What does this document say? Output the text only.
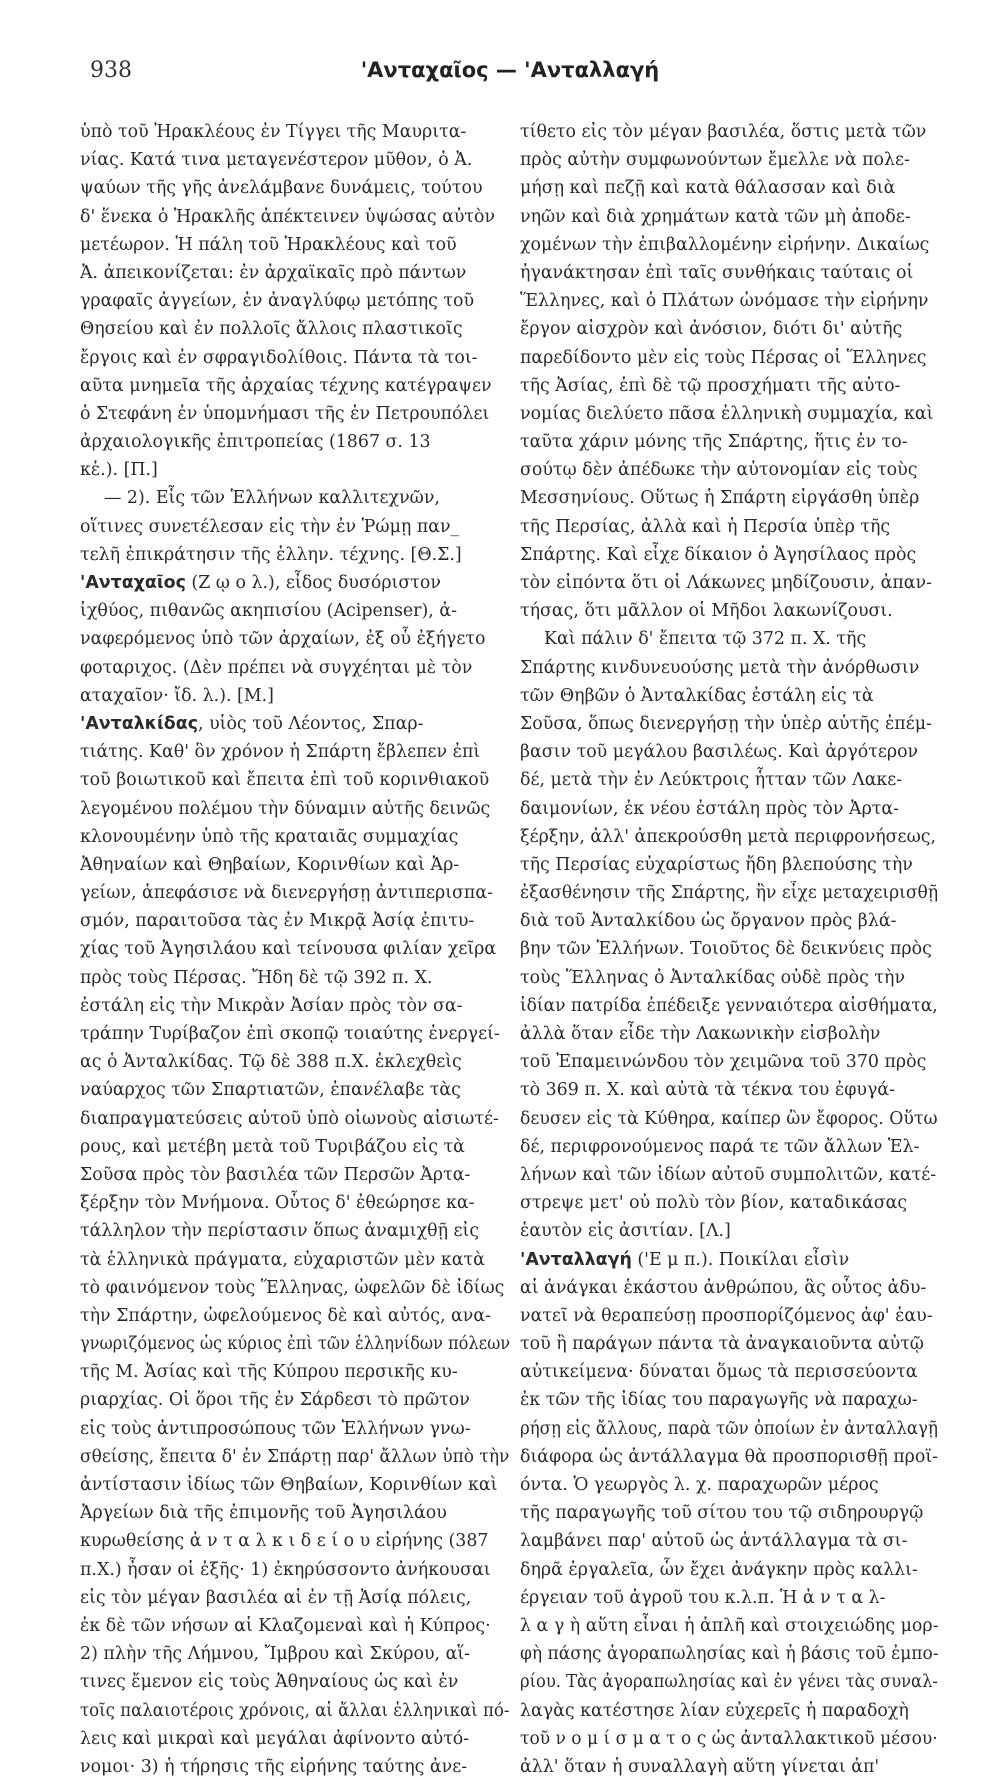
938	'Ανταχαῖος — 'Ανταλλαγή
ὑπὸ τοῦ Ἡρακλέους ἐν Τίγγει τῆς Μαυριτα-
νίας. Κατά τινα μεταγενέστερον μῦθον, ὁ Ἀ.
ψαύων τῆς γῆς ἀνελάμβανε δυνάμεις, τούτου
δ' ἕνεκα ὁ Ἡρακλῆς ἀπέκτεινεν ὑψώσας αὐτὸν
μετέωρον. Ἡ πάλη τοῦ Ἡρακλέους καὶ τοῦ
Ἀ. ἀπεικονίζεται: ἐν ἀρχαϊκαῖς πρὸ πάντων
γραφαῖς ἀγγείων, ἐν ἀναγλύφῳ μετόπης τοῦ
Θησείου καὶ ἐν πολλοῖς ἄλλοις πλαστικοῖς
ἔργοις καὶ ἐν σφραγιδολίθοις. Πάντα τὰ τοι-
αῦτα μνημεῖα τῆς ἀρχαίας τέχνης κατέγραψεν
ὁ Στεφάνη ἐν ὑπομνήμασι τῆς ἐν Πετρουπόλει
ἀρχαιολογικῆς ἐπιτροπείας (1867 σ. 13
κἑ.). [Π.]
— 2). Εἷς τῶν Ἑλλήνων καλλιτεχνῶν,
οἵτινες συνετέλεσαν εἰς τὴν ἐν Ῥώμῃ παν_
τελῆ ἐπικράτησιν τῆς ἑλλην. τέχνης. [Θ.Σ.]
'Ανταχαῖος (Ζ ῳ ο λ.), εἶδος δυσόριστον
ἰχθύος, πιθανῶς ακηπισίου (Acipenser), ἀ-
ναφερόμενος ὑπὸ τῶν ἀρχαίων, ἐξ οὗ ἐξήγετο
φοταριχος. (Δὲν πρέπει νὰ συγχέηται μὲ τὸν
αταχαῖον· ἴδ. λ.). [Μ.]
'Ανταλκίδας, υἱὸς τοῦ Λέοντος, Σπαρ-
τιάτης. Καθ' ὃν χρόνον ἡ Σπάρτη ἔβλεπεν ἐπὶ
τοῦ βοιωτικοῦ καὶ ἔπειτα ἐπὶ τοῦ κορινθιακοῦ
λεγομένου πολέμου τὴν δύναμιν αὐτῆς δεινῶς
κλονουμένην ὑπὸ τῆς κραταιᾶς συμμαχίας
Ἀθηναίων καὶ Θηβαίων, Κορινθίων καὶ Ἀρ-
γείων, ἀπεφάσισε νὰ διενεργήσῃ ἀντιπερισπα-
σμόν, παραιτοῦσα τὰς ἐν Μικρᾷ Ἀσίᾳ ἐπιτυ-
χίας τοῦ Ἀγησιλάου καὶ τείνουσα φιλίαν χεῖρα
πρὸς τοὺς Πέρσας. Ἤδη δὲ τῷ 392 π. Χ.
ἐστάλη εἰς τὴν Μικρὰν Ἀσίαν πρὸς τὸν σα-
τράπην Τυρίβαζον ἐπὶ σκοπῷ τοιαύτης ἐνεργεί-
ας ὁ Ἀνταλκίδας. Τῷ δὲ 388 π.Χ. ἐκλεχθεὶς
ναύαρχος τῶν Σπαρτιατῶν, ἐπανέλαβε τὰς
διαπραγματεύσεις αὐτοῦ ὑπὸ οἰωνοὺς αἰσιωτέ-
ρους, καὶ μετέβη μετὰ τοῦ Τυριβάζου εἰς τὰ
Σοῦσα πρὸς τὸν βασιλέα τῶν Περσῶν Ἀρτα-
ξέρξην τὸν Μνήμονα. Οὗτος δ' ἐθεώρησε κα-
τάλληλον τὴν περίστασιν ὅπως ἀναμιχθῇ εἰς
τὰ ἑλληνικὰ πράγματα, εὐχαριστῶν μὲν κατὰ
τὸ φαινόμενον τοὺς Ἕλληνας, ὠφελῶν δὲ ἰδίως
τὴν Σπάρτην, ὠφελούμενος δὲ καὶ αὐτός, ανα-
γνωριζόμενος ὡς κύριος ἐπὶ τῶν ἑλληνίδων πόλεων
τῆς Μ. Ἀσίας καὶ τῆς Κύπρου περσικῆς κυ-
ριαρχίας. Οἱ ὅροι τῆς ἐν Σάρδεσι τὸ πρῶτον
εἰς τοὺς ἀντιπροσώπους τῶν Ἑλλήνων γνω-
σθείσης, ἔπειτα δ' ἐν Σπάρτῃ παρ' ἄλλων ὑπὸ τὴν
ἀντίστασιν ἰδίως τῶν Θηβαίων, Κορινθίων καὶ
Ἀργείων διὰ τῆς ἐπιμονῆς τοῦ Ἀγησιλάου
κυρωθείσης ἀ ν τ α λ κ ι δ ε ί ο υ εἰρήνης (387
π.Χ.) ἦσαν οἱ ἐξῆς· 1) ἐκηρύσσοντο ἀνήκουσαι
εἰς τὸν μέγαν βασιλέα αἱ ἐν τῇ Ἀσίᾳ πόλεις,
ἐκ δὲ τῶν νήσων αἱ Κλαζομεναὶ καὶ ἡ Κύπρος·
2) πλὴν τῆς Λήμνου, Ἴμβρου καὶ Σκύρου, αἵ-
τινες ἔμενον εἰς τοὺς Ἀθηναίους ὡς καὶ ἐν
τοῖς παλαιοτέροις χρόνοις, αἱ ἄλλαι ἑλληνικαὶ πό-
λεις καὶ μικραὶ καὶ μεγάλαι ἀφίνοντο αὐτό-
νομοι· 3) ἡ τήρησις τῆς εἰρήνης ταύτης ἀνε-
τίθετο εἰς τὸν μέγαν βασιλέα, ὅστις μετὰ τῶν
πρὸς αὐτὴν συμφωνούντων ἔμελλε νὰ πολε-
μήσῃ καὶ πεζῇ καὶ κατὰ θάλασσαν καὶ διὰ
νηῶν καὶ διὰ χρημάτων κατὰ τῶν μὴ ἀποδε-
χομένων τὴν ἐπιβαλλομένην εἰρήνην. Δικαίως
ἠγανάκτησαν ἐπὶ ταῖς συνθήκαις ταύταις οἱ
Ἕλληνες, καὶ ὁ Πλάτων ὠνόμασε τὴν εἰρήνην
ἔργον αἰσχρὸν καὶ ἀνόσιον, διότι δι' αὐτῆς
παρεδίδοντο μὲν εἰς τοὺς Πέρσας οἱ Ἕλληνες
τῆς Ἀσίας, ἐπὶ δὲ τῷ προσχήματι τῆς αὐτο-
νομίας διελύετο πᾶσα ἑλληνικὴ συμμαχία, καὶ
ταῦτα χάριν μόνης τῆς Σπάρτης, ἥτις ἐν το-
σούτῳ δὲν ἀπέδωκε τὴν αὐτονομίαν εἰς τοὺς
Μεσσηνίους. Οὕτως ἡ Σπάρτη εἰργάσθη ὑπὲρ
τῆς Περσίας, ἀλλὰ καὶ ἡ Περσία ὑπὲρ τῆς
Σπάρτης. Καὶ εἶχε δίκαιον ὁ Ἀγησίλαος πρὸς
τὸν εἰπόντα ὅτι οἱ Λάκωνες μηδίζουσιν, ἀπαν-
τήσας, ὅτι μᾶλλον οἱ Μῆδοι λακωνίζουσι.
Καὶ πάλιν δ' ἔπειτα τῷ 372 π. Χ. τῆς
Σπάρτης κινδυνευούσης μετὰ τὴν ἀνόρθωσιν
τῶν Θηβῶν ὁ Ἀνταλκίδας ἐστάλη εἰς τὰ
Σοῦσα, ὅπως διενεργήσῃ τὴν ὑπὲρ αὐτῆς ἐπέμ-
βασιν τοῦ μεγάλου βασιλέως. Καὶ ἀργότερον
δέ, μετὰ τὴν ἐν Λεύκτροις ἧτταν τῶν Λακε-
δαιμονίων, ἐκ νέου ἐστάλη πρὸς τὸν Ἀρτα-
ξέρξην, ἀλλ' ἀπεκρούσθη μετὰ περιφρονήσεως,
τῆς Περσίας εὐχαρίστως ἤδη βλεπούσης τὴν
ἐξασθένησιν τῆς Σπάρτης, ἣν εἶχε μεταχειρισθῇ
διὰ τοῦ Ἀνταλκίδου ὡς ὄργανον πρὸς βλά-
βην τῶν Ἑλλήνων. Τοιοῦτος δὲ δεικνύεις πρὸς
τοὺς Ἕλληνας ὁ Ἀνταλκίδας οὐδὲ πρὸς τὴν
ἰδίαν πατρίδα ἐπέδειξε γενναιότερα αἰσθήματα,
ἀλλὰ ὅταν εἶδε τὴν Λακωνικὴν εἰσβολὴν
τοῦ Ἐπαμεινώνδου τὸν χειμῶνα τοῦ 370 πρὸς
τὸ 369 π. Χ. καὶ αὐτὰ τὰ τέκνα του ἐφυγά-
δευσεν εἰς τὰ Κύθηρα, καίπερ ὢν ἔφορος. Οὕτω
δέ, περιφρονούμενος παρά τε τῶν ἄλλων Ἑλ-
λήνων καὶ τῶν ἰδίων αὐτοῦ συμπολιτῶν, κατέ-
στρεψε μετ' οὐ πολὺ τὸν βίον, καταδικάσας
ἑαυτὸν εἰς ἀσιτίαν. [Λ.]
'Ανταλλαγή ('Ε μ π.). Ποικίλαι εἶσὶν
αἱ ἀνάγκαι ἑκάστου ἀνθρώπου, ἃς οὗτος ἀδυ-
νατεῖ νὰ θεραπεύσῃ προσπορίζόμενος ἀφ' ἑαυ-
τοῦ ἢ παράγων πάντα τὰ ἀναγκαιοῦντα αὐτῷ
αὐτικείμενα· δύναται ὅμως τὰ περισσεύοντα
ἐκ τῶν τῆς ἰδίας του παραγωγῆς νὰ παραχω-
ρήσῃ εἰς ἄλλους, παρὰ τῶν ὁποίων ἐν ἀνταλλαγῇ
διάφορα ὡς ἀντάλλαγμα θὰ προσπορισθῇ προϊ-
όντα. Ὁ γεωργὸς λ. χ. παραχωρῶν μέρος
τῆς παραγωγῆς τοῦ σίτου του τῷ σιδηρουργῷ
λαμβάνει παρ' αὐτοῦ ὡς ἀντάλλαγμα τὰ σι-
δηρᾶ ἐργαλεῖα, ὧν ἔχει ἀνάγκην πρὸς καλλι-
έργειαν τοῦ ἀγροῦ του κ.λ.π. Ἡ ἀ ν τ α λ-
λ α γ ὴ αὕτη εἶναι ἡ ἁπλῆ καὶ στοιχειώδης μορ-
φὴ πάσης ἀγοραπωλησίας καὶ ἡ βάσις τοῦ ἐμπο-
ρίου. Τὰς ἀγοραπωλησίας καὶ ἐν γένει τὰς συναλ-
λαγὰς κατέστησε λίαν εὐχερεῖς ἡ παραδοχὴ
τοῦ ν ο μ ί σ μ α τ ο ς ὡς ἀνταλλακτικοῦ μέσου·
ἀλλ' ὅταν ἡ συναλλαγὴ αὕτη γίνεται ἀπ'
